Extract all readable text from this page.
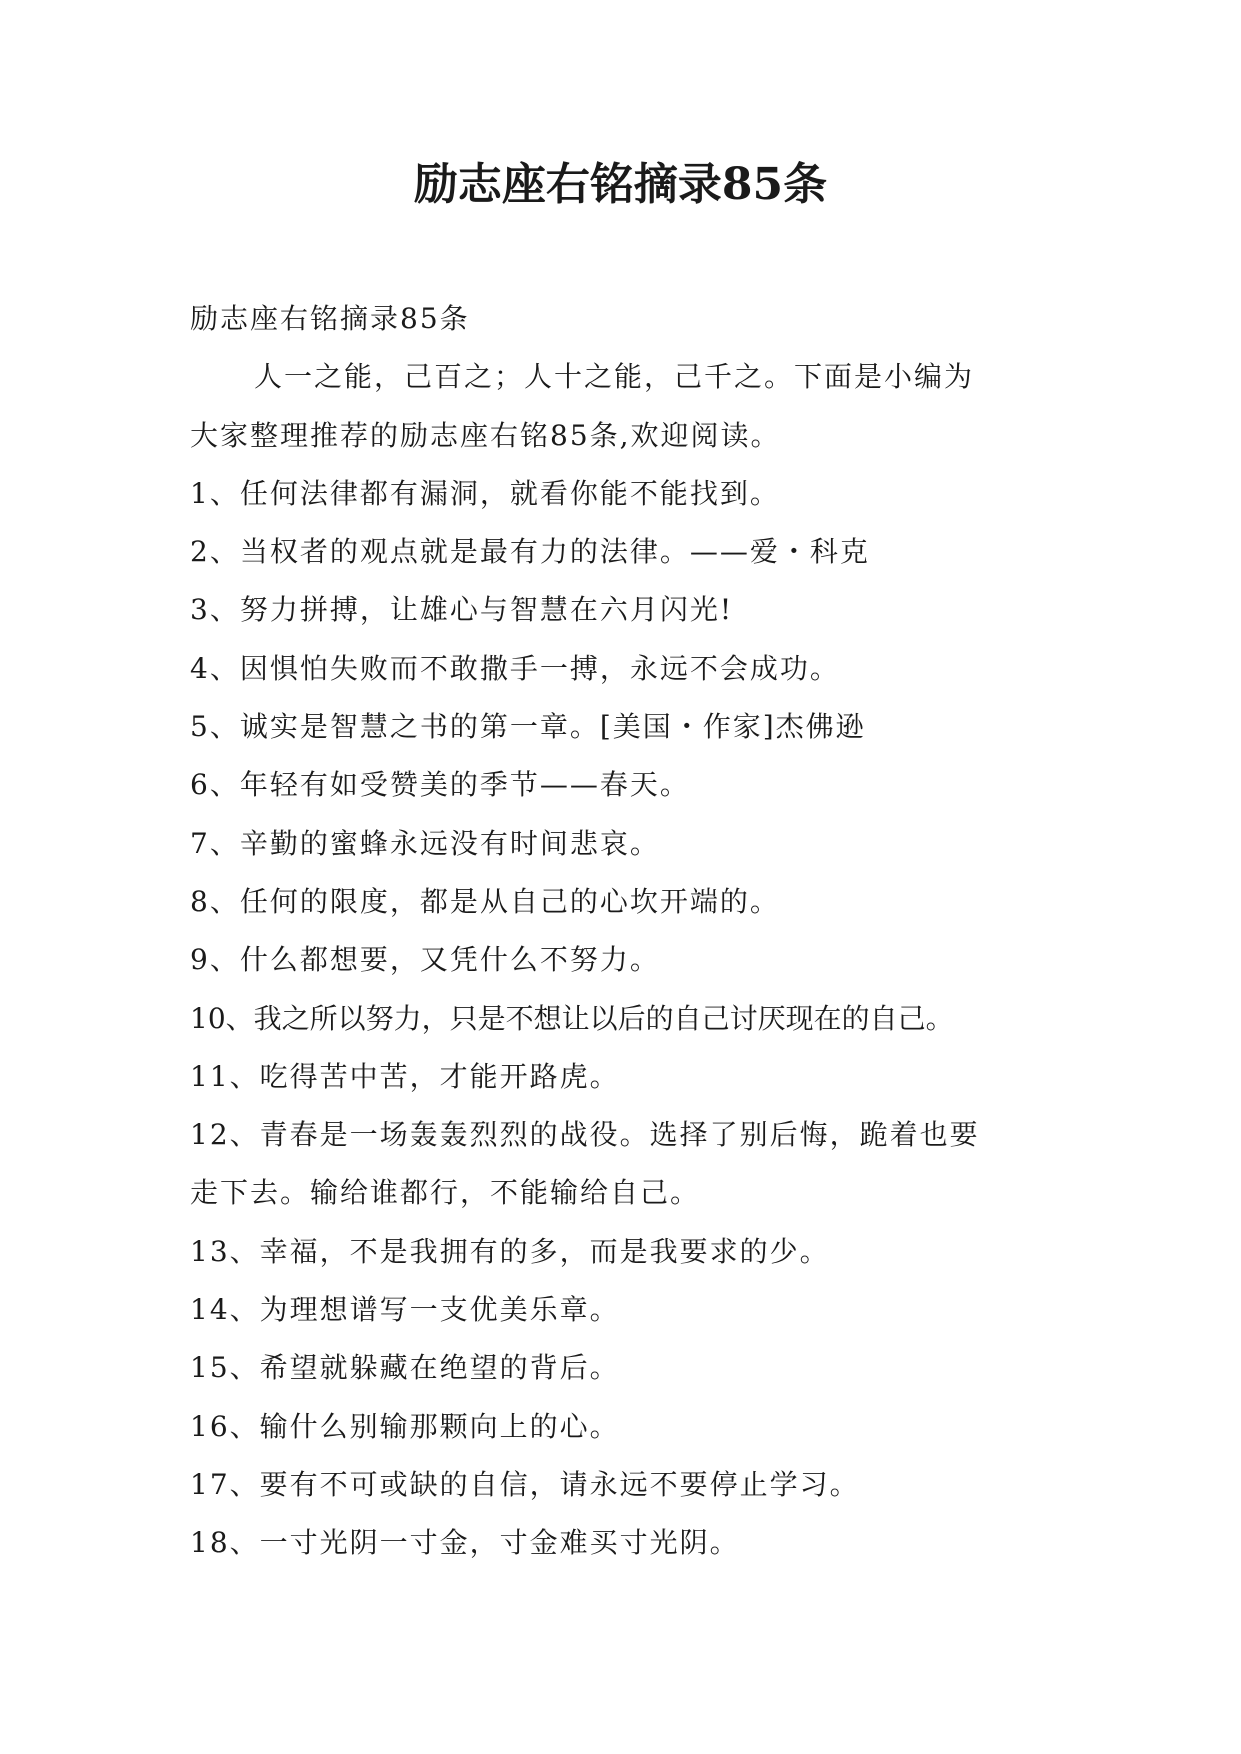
励志座右铭摘录85条

励志座右铭摘录85条

人一之能，己百之；人十之能，己千之。下面是小编为

大家整理推荐的励志座右铭85条,欢迎阅读。

1、任何法律都有漏洞，就看你能不能找到。

2、当权者的观点就是最有力的法律。——爱・科克

3、努力拼搏，让雄心与智慧在六月闪光!

4、因惧怕失败而不敢撒手一搏，永远不会成功。

5、诚实是智慧之书的第一章。[美国・作家]杰佛逊

6、年轻有如受赞美的季节——春天。

7、辛勤的蜜蜂永远没有时间悲哀。

8、任何的限度，都是从自己的心坎开端的。

9、什么都想要，又凭什么不努力。

10、我之所以努力，只是不想让以后的自己讨厌现在的自己。

11、吃得苦中苦，才能开路虎。

12、青春是一场轰轰烈烈的战役。选择了别后悔，跪着也要

走下去。输给谁都行，不能输给自己。

13、幸福，不是我拥有的多，而是我要求的少。

14、为理想谱写一支优美乐章。

15、希望就躲藏在绝望的背后。

16、输什么别输那颗向上的心。

17、要有不可或缺的自信，请永远不要停止学习。

18、一寸光阴一寸金，寸金难买寸光阴。
